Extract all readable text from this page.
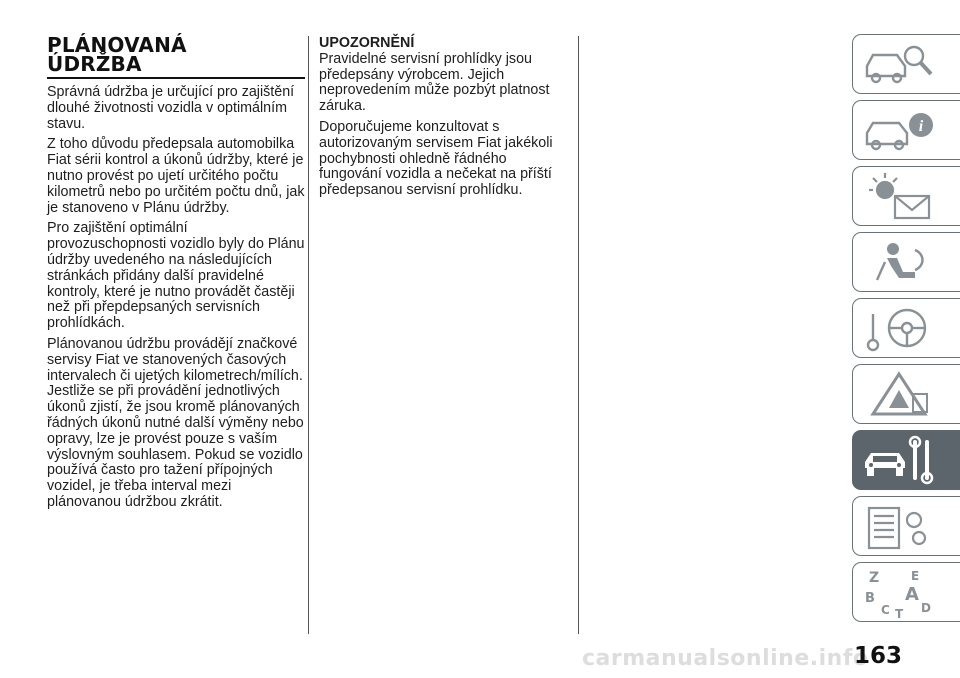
PLÁNOVANÁ
ÚDRŽBA

Správná údržba je určující pro zajištění dlouhé životnosti vozidla v optimálním stavu.

Z toho důvodu předepsala automobilka Fiat sérii kontrol a úkonů údržby, které je nutno provést po ujetí určitého počtu kilometrů nebo po určitém počtu dnů, jak je stanoveno v Plánu údržby.

Pro zajištění optimální provozuschopnosti vozidlo byly do Plánu údržby uvedeného na následujících stránkách přidány další pravidelné kontroly, které je nutno provádět častěji než při přepdepsaných servisních prohlídkách.

Plánovanou údržbu provádějí značkové servisy Fiat ve stanovených časových intervalech či ujetých kilometrech/mílích. Jestliže se při provádění jednotlivých úkonů zjistí, že jsou kromě plánovaných řádných úkonů nutné další výměny nebo opravy, lze je provést pouze s vaším výslovným souhlasem. Pokud se vozidlo používá často pro tažení přípojných vozidel, je třeba interval mezi plánovanou údržbou zkrátit.

UPOZORNĚNÍ

Pravidelné servisní prohlídky jsou předepsány výrobcem. Jejich neprovedením může pozbýt platnost záruka.

Doporučujeme konzultovat s autorizovaným servisem Fiat jakékoli pochybnosti ohledně řádného fungování vozidla a nečekat na příští předepsanou servisní prohlídku.

i
Z	E
B A
C	D
T
carmanualsonline.info
163
